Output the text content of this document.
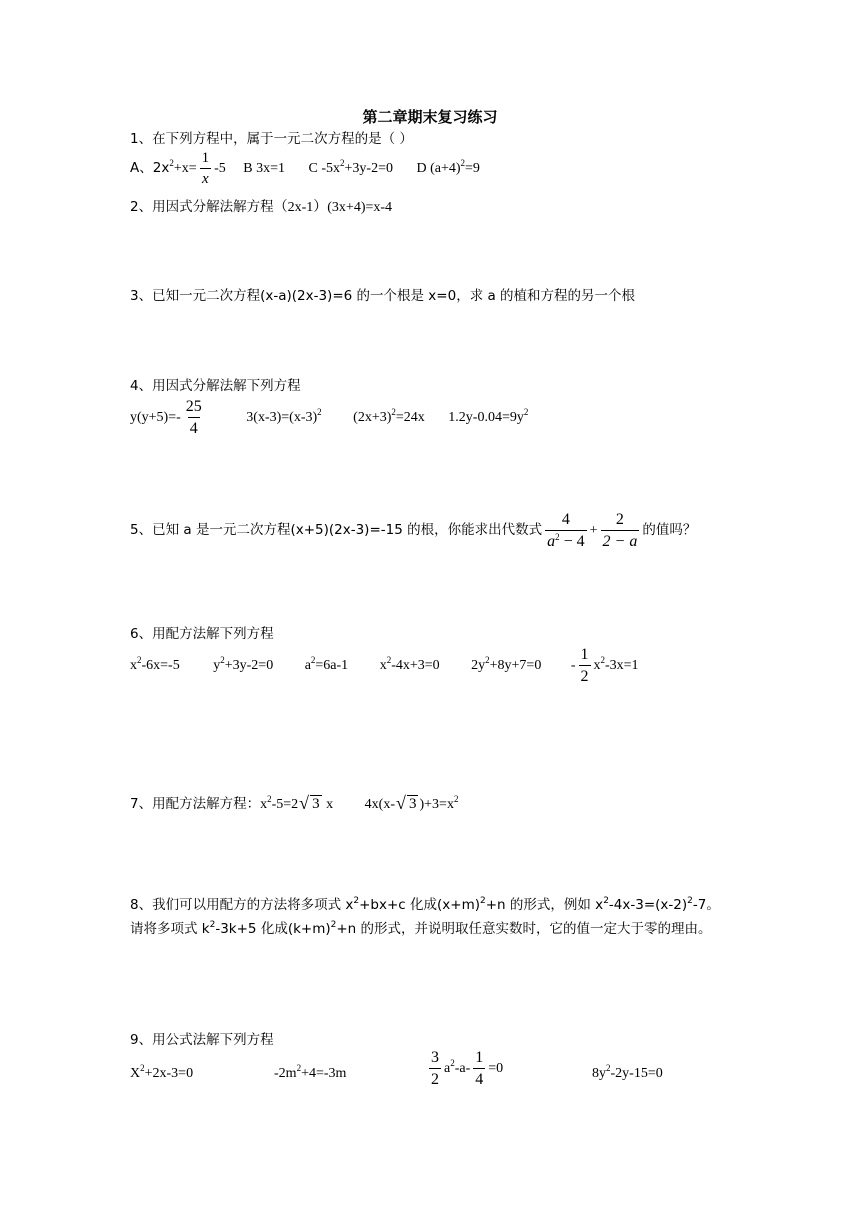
第二章期末复习练习
1、在下列方程中，属于一元二次方程的是（ ）
A、$2x^2+x= \frac{1}{x} -5$ B 3x=1 C $-5x^2+3y-2=0$ D $(a+4)^2=9$
2、用因式分解法解方程（2x-1）(3x+4)=x-4
3、已知一元二次方程(x-a)(2x-3)=6 的一个根是 x=0，求 a 的植和方程的另一个根
4、用因式分解法解下列方程
$y(y+5)=- \frac{25}{4}$	$3(x-3)=(x-3)^2$ $(2x+3)^2=24x$ $1.2y-0.04=9y^2$
5、已知 a 是一元二次方程(x+5)(2x-3)=-15 的根，你能求出代数式 $\frac{4}{a^2 - 4} + \frac{2}{2 - a}$ 的值吗？
6、用配方法解下列方程
$x^2-6x=-5$ $y^2+3y-2=0$ $a^2=6a-1$ $x^2-4x+3=0$ $2y^2+8y+7=0 - \frac{1}{2} x^2-3x=1$
7、用配方法解方程：$x^2-5=2$ √ 3 x 4x(x- √ 3 )$+3=x^2$
8、我们可以用配方的方法将多项式 $x^2+bx+c$ 化成$(x+m)^2+n$ 的形式，例如 $x^2-4x-3=(x-2)^2-7$。
请将多项式 $k^2-3k+5$ 化成$(k+m)^2+n$ 的形式，并说明取任意实数时，它的值一定大于零的理由。
9、用公式法解下列方程
$X^2+2x-3=0$	$-2m^2+4=-3m$	$\frac{3}{2} a^2-a- \frac{1}{4} =0$	$8y^2-2y-15=0$
